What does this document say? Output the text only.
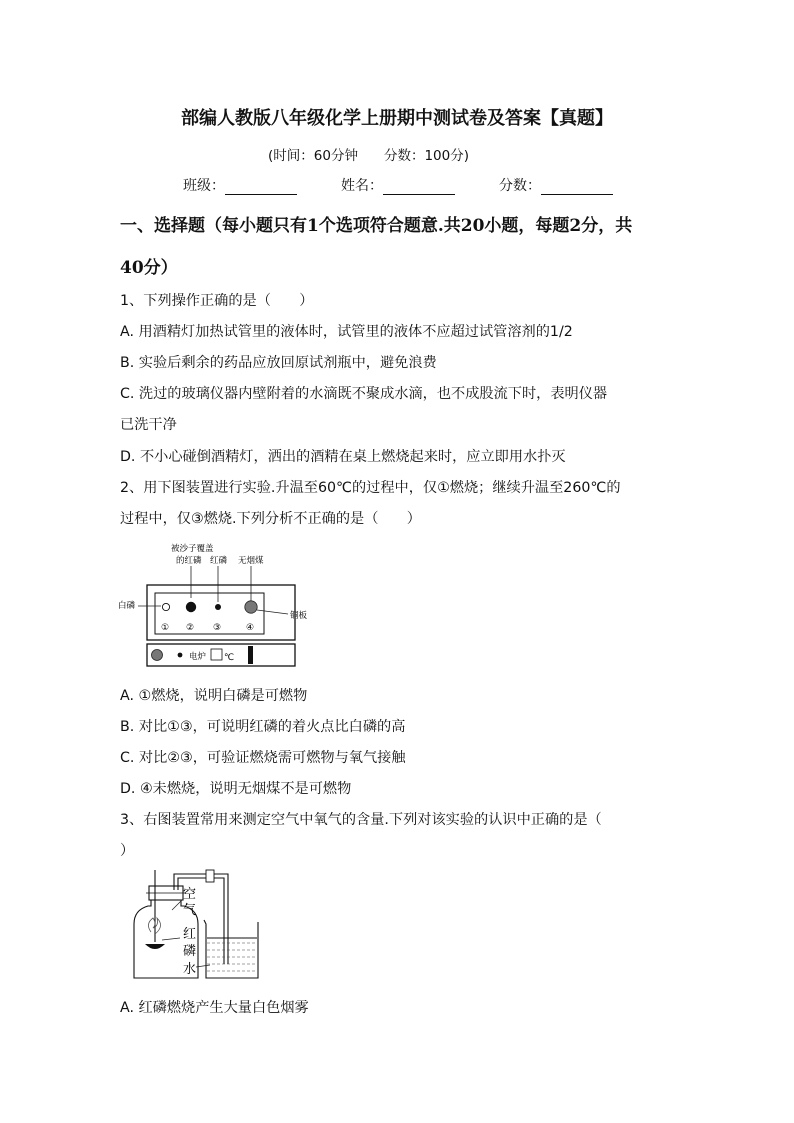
部编人教版八年级化学上册期中测试卷及答案【真题】
(时间：60分钟 分数：100分)
班级：	姓名：	分数：
一、选择题（每小题只有1个选项符合题意.共20小题，每题2分，共
40分）
1、下列操作正确的是（　　）
A. 用酒精灯加热试管里的液体时，试管里的液体不应超过试管溶剂的1/2
B. 实验后剩余的药品应放回原试剂瓶中，避免浪费
C. 洗过的玻璃仪器内壁附着的水滴既不聚成水滴，也不成股流下时，表明仪器
已洗干净
D. 不小心碰倒酒精灯，洒出的酒精在桌上燃烧起来时，应立即用水扑灭
2、用下图装置进行实验.升温至60℃的过程中，仅①燃烧；继续升温至260℃的
过程中，仅③燃烧.下列分析不正确的是（　　）
被沙子覆盖
的红磷 红磷 无烟煤
白磷
铜板
① ② ③	④
电炉 ℃
A. ①燃烧，说明白磷是可燃物
B. 对比①③，可说明红磷的着火点比白磷的高
C. 对比②③，可验证燃烧需可燃物与氧气接触
D. ④未燃烧，说明无烟煤不是可燃物
3、右图装置常用来测定空气中氧气的含量.下列对该实验的认识中正确的是（
）
空
气
红
磷
水
A. 红磷燃烧产生大量白色烟雾
